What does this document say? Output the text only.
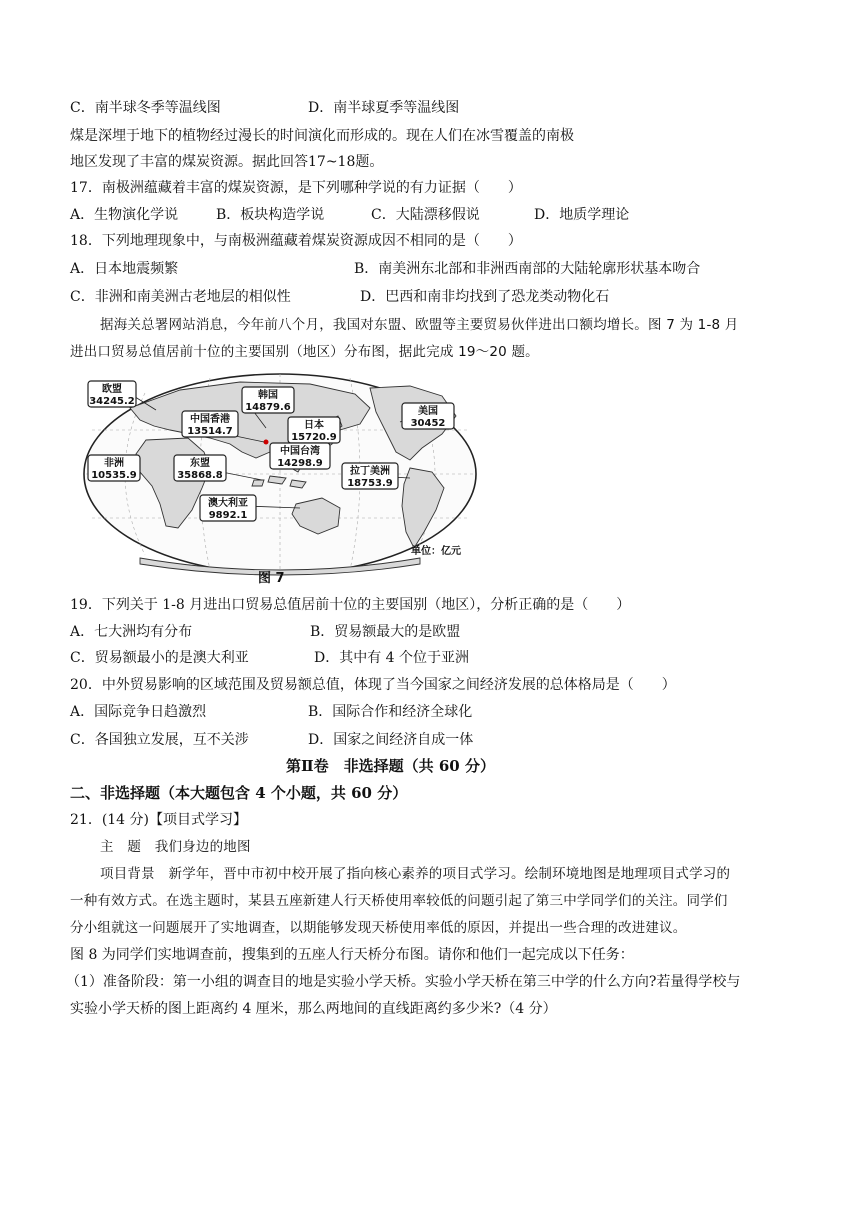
C．南半球冬季等温线图	D．南半球夏季等温线图
煤是深埋于地下的植物经过漫长的时间演化而形成的。现在人们在冰雪覆盖的南极
地区发现了丰富的煤炭资源。据此回答17~18题。
17．南极洲蕴藏着丰富的煤炭资源，是下列哪种学说的有力证据（　　）
A．生物演化学说	B．板块构造学说	C．大陆漂移假说	D．地质学理论
18．下列地理现象中，与南极洲蕴藏着煤炭资源成因不相同的是（　　）
A．日本地震频繁	B．南美洲东北部和非洲西南部的大陆轮廓形状基本吻合
C．非洲和南美洲古老地层的相似性	D．巴西和南非均找到了恐龙类动物化石
据海关总署网站消息，今年前八个月，我国对东盟、欧盟等主要贸易伙伴进出口额均增长。图 7 为 1-8 月
进出口贸易总值居前十位的主要国别（地区）分布图，据此完成 19～20 题。
欧盟
34245.2
韩国
14879.6
中国香港
13514.7
日本
15720.9
美国
30452
非洲
10535.9
东盟
35868.8
中国台湾
14298.9
拉丁美洲
18753.9
澳大利亚
9892.1
单位：亿元
图 7
19．下列关于 1-8 月进出口贸易总值居前十位的主要国别（地区），分析正确的是（　　）
A．七大洲均有分布	B．贸易额最大的是欧盟
C．贸易额最小的是澳大利亚	D．其中有 4 个位于亚洲
20．中外贸易影响的区域范围及贸易额总值，体现了当今国家之间经济发展的总体格局是（　　）
A．国际竞争日趋激烈	B．国际合作和经济全球化
C．各国独立发展，互不关涉	D．国家之间经济自成一体
第Ⅱ卷　非选择题（共 60 分）
二、非选择题（本大题包含 4 个小题，共 60 分）
21．(14 分)【项目式学习】
主　题　我们身边的地图
项目背景　新学年，晋中市初中校开展了指向核心素养的项目式学习。绘制环境地图是地理项目式学习的
一种有效方式。在选主题时，某县五座新建人行天桥使用率较低的问题引起了第三中学同学们的关注。同学们
分小组就这一问题展开了实地调查，以期能够发现天桥使用率低的原因，并提出一些合理的改进建议。
图 8 为同学们实地调查前，搜集到的五座人行天桥分布图。请你和他们一起完成以下任务：
（1）准备阶段：第一小组的调查目的地是实验小学天桥。实验小学天桥在第三中学的什么方向?若量得学校与
实验小学天桥的图上距离约 4 厘米，那么两地间的直线距离约多少米?（4 分）
